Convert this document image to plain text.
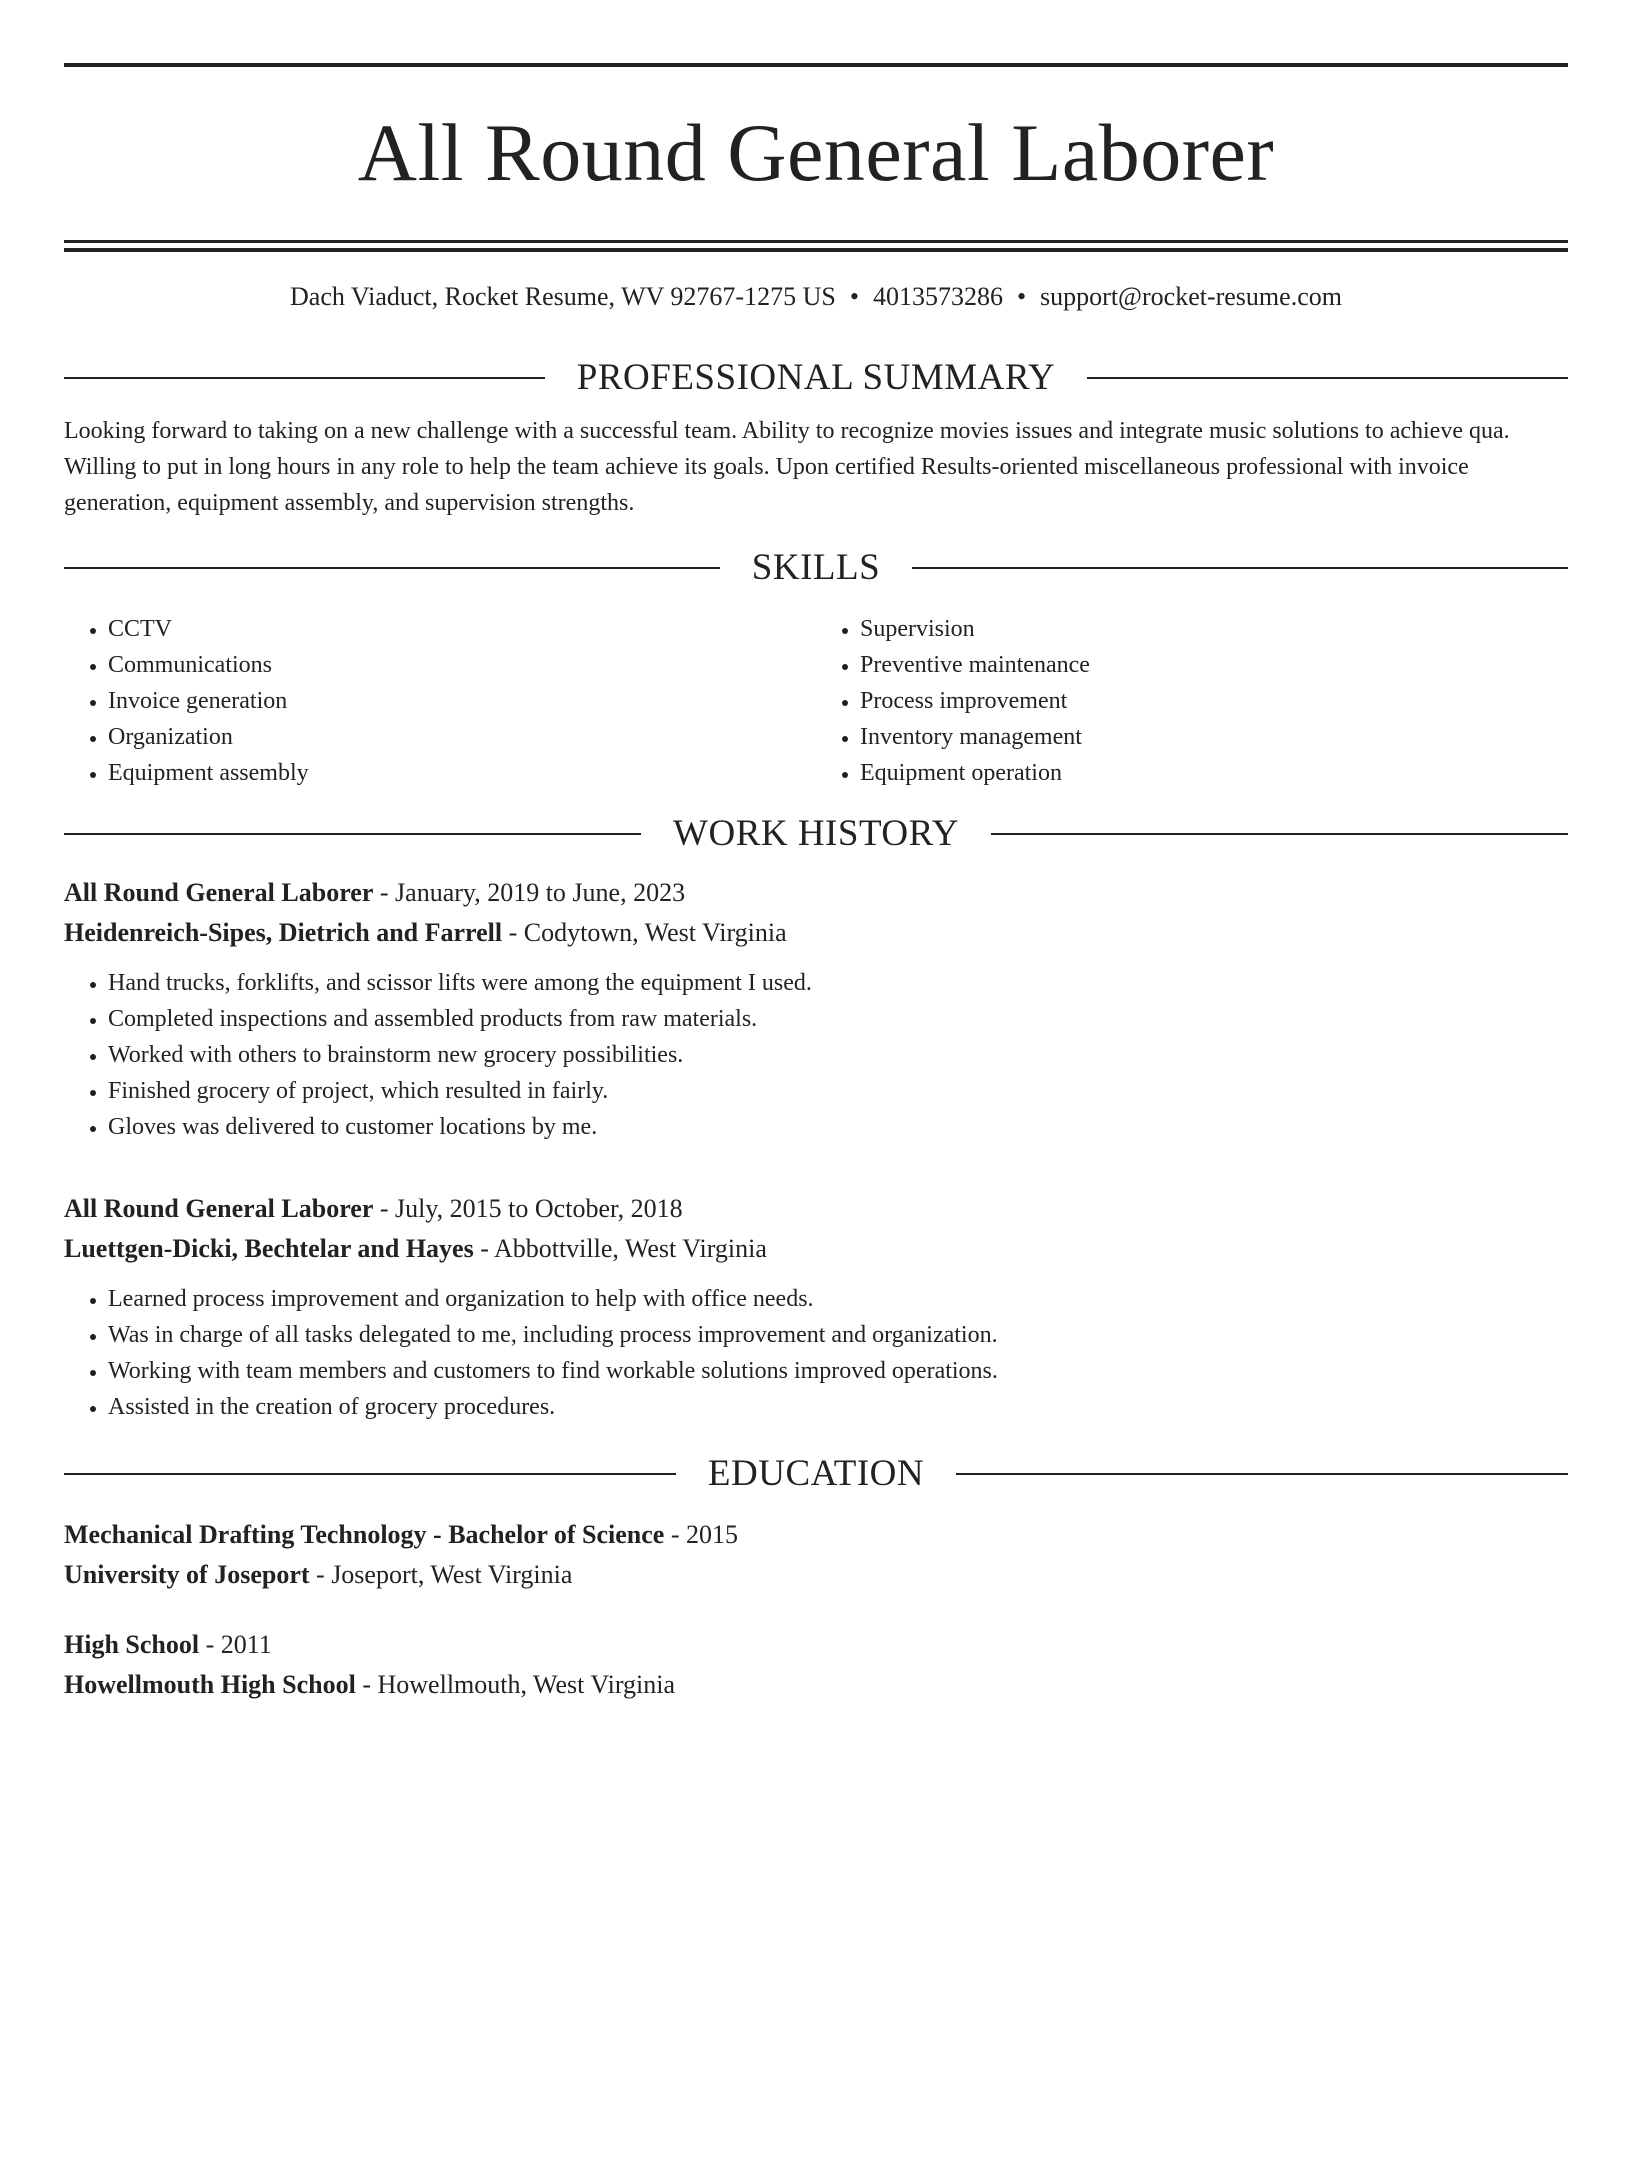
All Round General Laborer
Dach Viaduct, Rocket Resume, WV 92767-1275 US • 4013573286 • support@rocket-resume.com
PROFESSIONAL SUMMARY

Looking forward to taking on a new challenge with a successful team. Ability to recognize movies issues and integrate music solutions to achieve qua. Willing to put in long hours in any role to help the team achieve its goals. Upon certified Results-oriented miscellaneous professional with invoice generation, equipment assembly, and supervision strengths.

SKILLS
• CCTV
• Communications
• Invoice generation
• Organization
• Equipment assembly
• Supervision
• Preventive maintenance
• Process improvement
• Inventory management
• Equipment operation
WORK HISTORY
All Round General Laborer - January, 2019 to June, 2023
Heidenreich-Sipes, Dietrich and Farrell - Codytown, West Virginia
• Hand trucks, forklifts, and scissor lifts were among the equipment I used.
• Completed inspections and assembled products from raw materials.
• Worked with others to brainstorm new grocery possibilities.
• Finished grocery of project, which resulted in fairly.
• Gloves was delivered to customer locations by me.
All Round General Laborer - July, 2015 to October, 2018
Luettgen-Dicki, Bechtelar and Hayes - Abbottville, West Virginia
• Learned process improvement and organization to help with office needs.
• Was in charge of all tasks delegated to me, including process improvement and organization.
• Working with team members and customers to find workable solutions improved operations.
• Assisted in the creation of grocery procedures.
EDUCATION
Mechanical Drafting Technology - Bachelor of Science - 2015
University of Joseport - Joseport, West Virginia
High School - 2011
Howellmouth High School - Howellmouth, West Virginia
